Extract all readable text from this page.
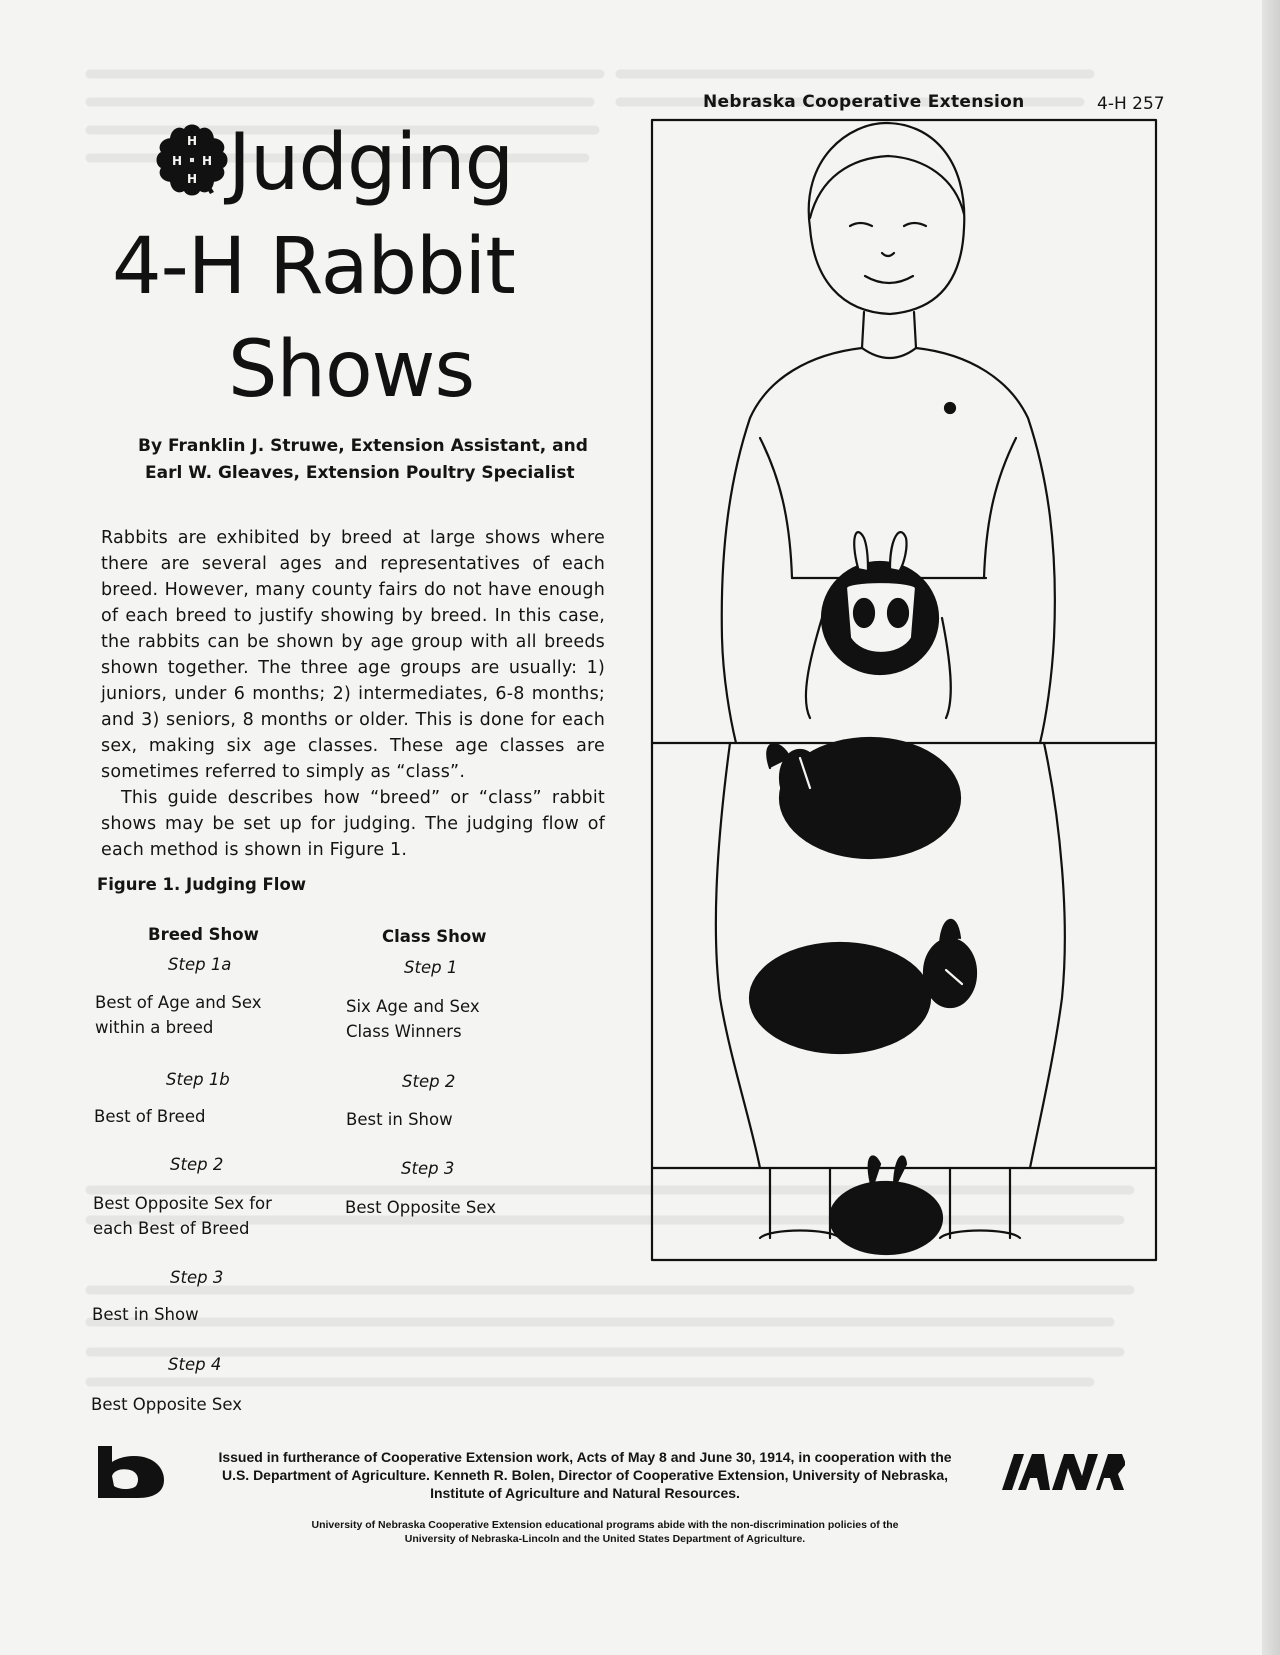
Nebraska Cooperative Extension	4-H 257
H
H H
H Judging
4-H Rabbit
Shows
By Franklin J. Struwe, Extension Assistant, and
Earl W. Gleaves, Extension Poultry Specialist

Rabbits are exhibited by breed at large shows where there are several ages and representatives of each breed. However, many county fairs do not have enough of each breed to justify showing by breed. In this case, the rabbits can be shown by age group with all breeds shown together. The three age groups are usually: 1) juniors, under 6 months; 2) intermediates, 6-8 months; and 3) seniors, 8 months or older. This is done for each sex, making six age classes. These age classes are sometimes referred to simply as “class”.

This guide describes how “breed” or “class” rabbit shows may be set up for judging. The judging flow of each method is shown in Figure 1.

Figure 1. Judging Flow
Breed Show	Class Show
Step 1a
Best of Age and Sex
within a breed
Step 1b
Best of Breed
Step 2
Best Opposite Sex for
each Best of Breed
Step 3
Best in Show
Step 4
Best Opposite Sex
Step 1
Six Age and Sex
Class Winners
Step 2
Best in Show
Step 3
Best Opposite Sex
Issued in furtherance of Cooperative Extension work, Acts of May 8 and June 30, 1914, in cooperation with the
U.S. Department of Agriculture. Kenneth R. Bolen, Director of Cooperative Extension, University of Nebraska,
Institute of Agriculture and Natural Resources.
University of Nebraska Cooperative Extension educational programs abide with the non-discrimination policies of the
University of Nebraska-Lincoln and the United States Department of Agriculture.
